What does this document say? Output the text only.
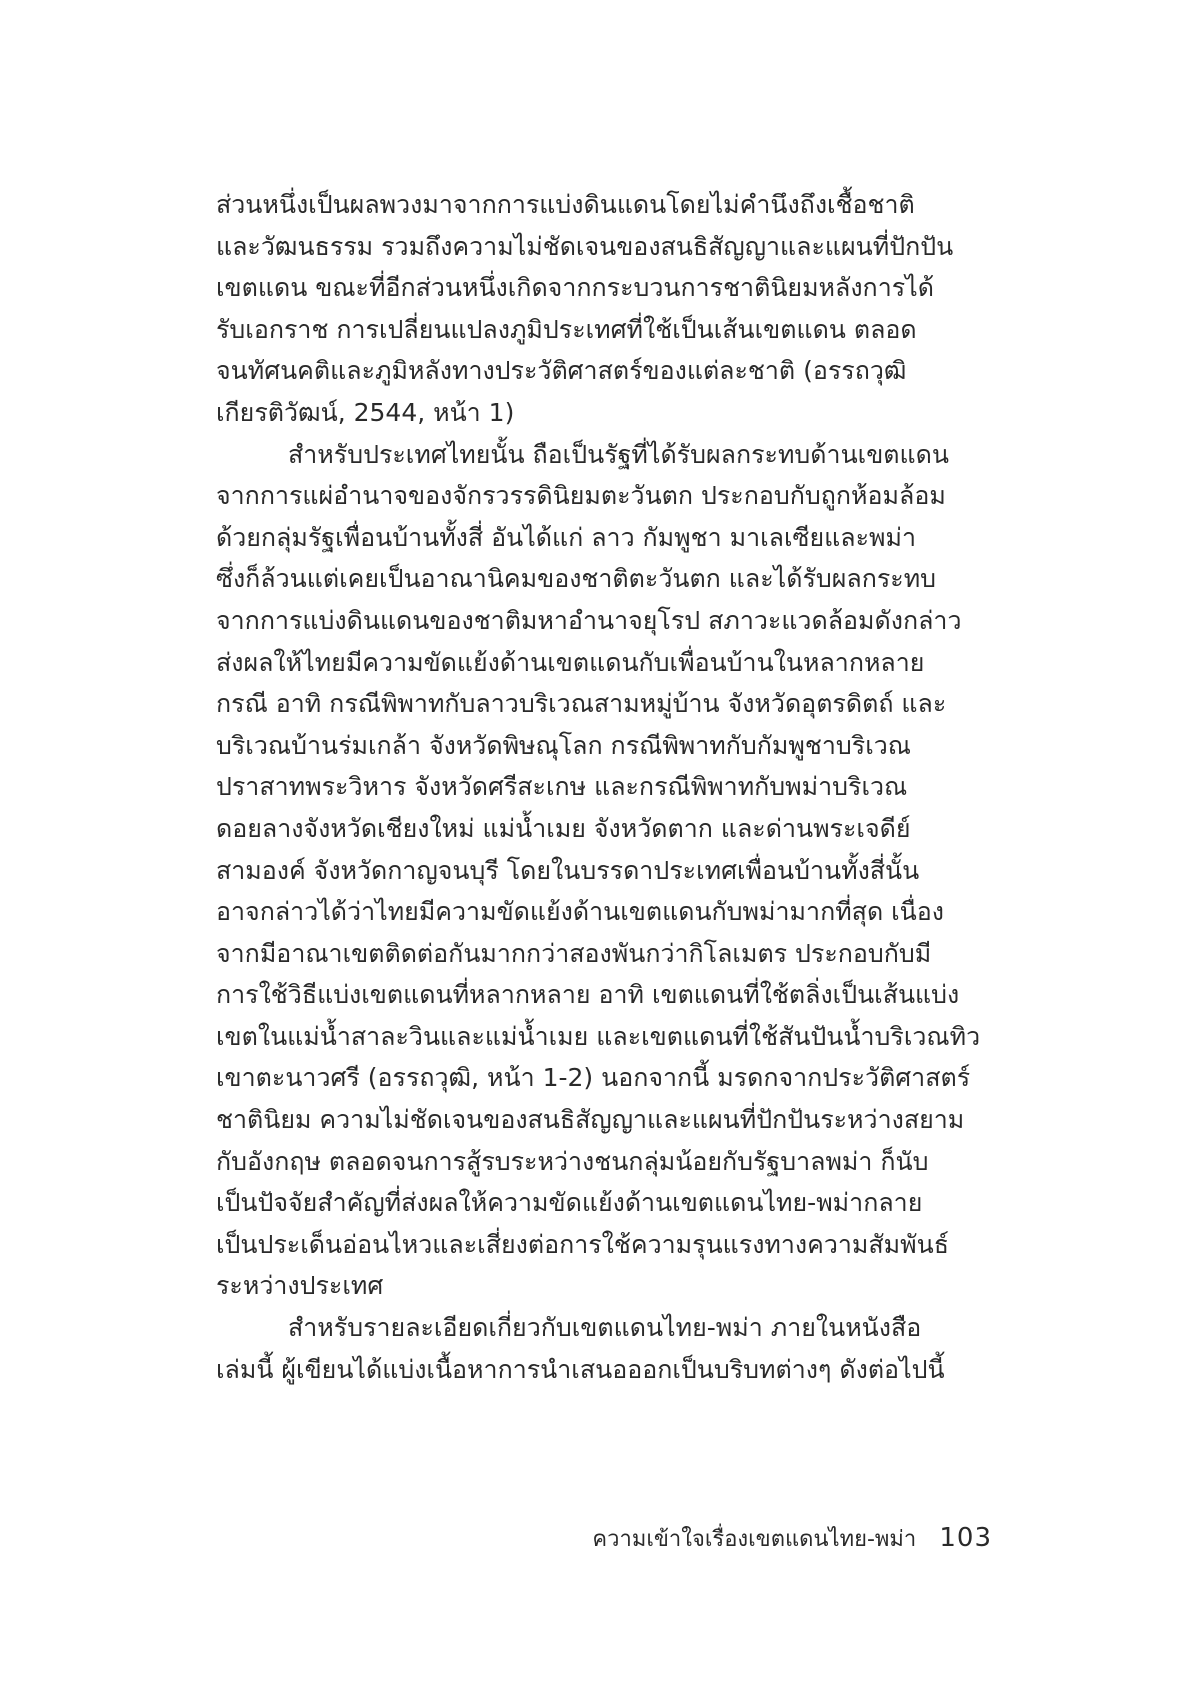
ส่วนหนึ่งเป็นผลพวงมาจากการแบ่งดินแดนโดยไม่คำนึงถึงเชื้อชาติ
และวัฒนธรรม รวมถึงความไม่ชัดเจนของสนธิสัญญาและแผนที่ปักปัน
เขตแดน ขณะที่อีกส่วนหนึ่งเกิดจากกระบวนการชาตินิยมหลังการได้
รับเอกราช การเปลี่ยนแปลงภูมิประเทศที่ใช้เป็นเส้นเขตแดน ตลอด
จนทัศนคติและภูมิหลังทางประวัติศาสตร์ของแต่ละชาติ (อรรถวุฒิ
เกียรติวัฒน์, 2544, หน้า 1)
สำหรับประเทศไทยนั้น ถือเป็นรัฐที่ได้รับผลกระทบด้านเขตแดน
จากการแผ่อำนาจของจักรวรรดินิยมตะวันตก ประกอบกับถูกห้อมล้อม
ด้วยกลุ่มรัฐเพื่อนบ้านทั้งสี่ อันได้แก่ ลาว กัมพูชา มาเลเซียและพม่า
ซึ่งก็ล้วนแต่เคยเป็นอาณานิคมของชาติตะวันตก และได้รับผลกระทบ
จากการแบ่งดินแดนของชาติมหาอำนาจยุโรป สภาวะแวดล้อมดังกล่าว
ส่งผลให้ไทยมีความขัดแย้งด้านเขตแดนกับเพื่อนบ้านในหลากหลาย
กรณี อาทิ กรณีพิพาทกับลาวบริเวณสามหมู่บ้าน จังหวัดอุตรดิตถ์ และ
บริเวณบ้านร่มเกล้า จังหวัดพิษณุโลก กรณีพิพาทกับกัมพูชาบริเวณ
ปราสาทพระวิหาร จังหวัดศรีสะเกษ และกรณีพิพาทกับพม่าบริเวณ
ดอยลางจังหวัดเชียงใหม่ แม่น้ำเมย จังหวัดตาก และด่านพระเจดีย์
สามองค์ จังหวัดกาญจนบุรี โดยในบรรดาประเทศเพื่อนบ้านทั้งสี่นั้น
อาจกล่าวได้ว่าไทยมีความขัดแย้งด้านเขตแดนกับพม่ามากที่สุด เนื่อง
จากมีอาณาเขตติดต่อกันมากกว่าสองพันกว่ากิโลเมตร ประกอบกับมี
การใช้วิธีแบ่งเขตแดนที่หลากหลาย อาทิ เขตแดนที่ใช้ตลิ่งเป็นเส้นแบ่ง
เขตในแม่น้ำสาละวินและแม่น้ำเมย และเขตแดนที่ใช้สันปันน้ำบริเวณทิว
เขาตะนาวศรี (อรรถวุฒิ, หน้า 1-2) นอกจากนี้ มรดกจากประวัติศาสตร์
ชาตินิยม ความไม่ชัดเจนของสนธิสัญญาและแผนที่ปักปันระหว่างสยาม
กับอังกฤษ ตลอดจนการสู้รบระหว่างชนกลุ่มน้อยกับรัฐบาลพม่า ก็นับ
เป็นปัจจัยสำคัญที่ส่งผลให้ความขัดแย้งด้านเขตแดนไทย-พม่ากลาย
เป็นประเด็นอ่อนไหวและเสี่ยงต่อการใช้ความรุนแรงทางความสัมพันธ์
ระหว่างประเทศ
สำหรับรายละเอียดเกี่ยวกับเขตแดนไทย-พม่า ภายในหนังสือ
เล่มนี้ ผู้เขียนได้แบ่งเนื้อหาการนำเสนอออกเป็นบริบทต่างๆ ดังต่อไปนี้
ความเข้าใจเรื่องเขตแดนไทย-พม่า 103
